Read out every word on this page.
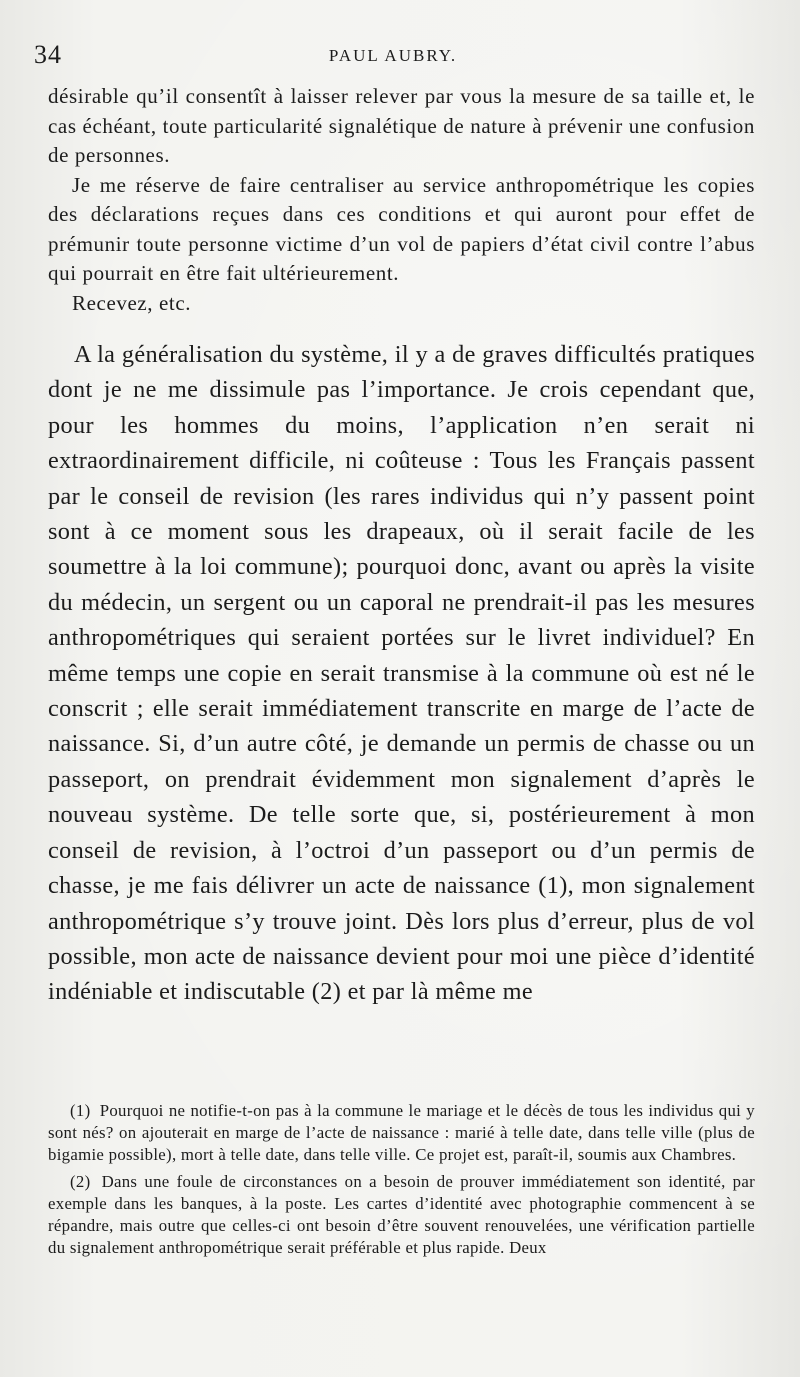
34	PAUL AUBRY.

désirable qu’il consentît à laisser relever par vous la mesure de sa taille et, le cas échéant, toute particularité signalétique de nature à prévenir une confusion de personnes.

Je me réserve de faire centraliser au service anthropométrique les copies des déclarations reçues dans ces conditions et qui auront pour effet de prémunir toute personne victime d’un vol de papiers d’état civil contre l’abus qui pourrait en être fait ultérieurement.

Recevez, etc.

A la généralisation du système, il y a de graves difficultés pratiques dont je ne me dissimule pas l’importance. Je crois cependant que, pour les hommes du moins, l’application n’en serait ni extraordinairement difficile, ni coûteuse : Tous les Français passent par le conseil de revision (les rares individus qui n’y passent point sont à ce moment sous les drapeaux, où il serait facile de les soumettre à la loi commune); pourquoi donc, avant ou après la visite du médecin, un sergent ou un caporal ne prendrait-il pas les mesures anthropométriques qui seraient portées sur le livret individuel? En même temps une copie en serait transmise à la commune où est né le conscrit ; elle serait immédiatement transcrite en marge de l’acte de naissance. Si, d’un autre côté, je demande un permis de chasse ou un passeport, on prendrait évidemment mon signalement d’après le nouveau système. De telle sorte que, si, postérieurement à mon conseil de revision, à l’octroi d’un passeport ou d’un permis de chasse, je me fais délivrer un acte de naissance (1), mon signalement anthropométrique s’y trouve joint. Dès lors plus d’erreur, plus de vol possible, mon acte de naissance devient pour moi une pièce d’identité indéniable et indiscutable (2) et par là même me

(1) Pourquoi ne notifie-t-on pas à la commune le mariage et le décès de tous les individus qui y sont nés? on ajouterait en marge de l’acte de naissance : marié à telle date, dans telle ville (plus de bigamie possible), mort à telle date, dans telle ville. Ce projet est, paraît-il, soumis aux Chambres.

(2) Dans une foule de circonstances on a besoin de prouver immédiatement son identité, par exemple dans les banques, à la poste. Les cartes d’identité avec photographie commencent à se répandre, mais outre que celles-ci ont besoin d’être souvent renouvelées, une vérification partielle du signalement anthropométrique serait préférable et plus rapide. Deux
